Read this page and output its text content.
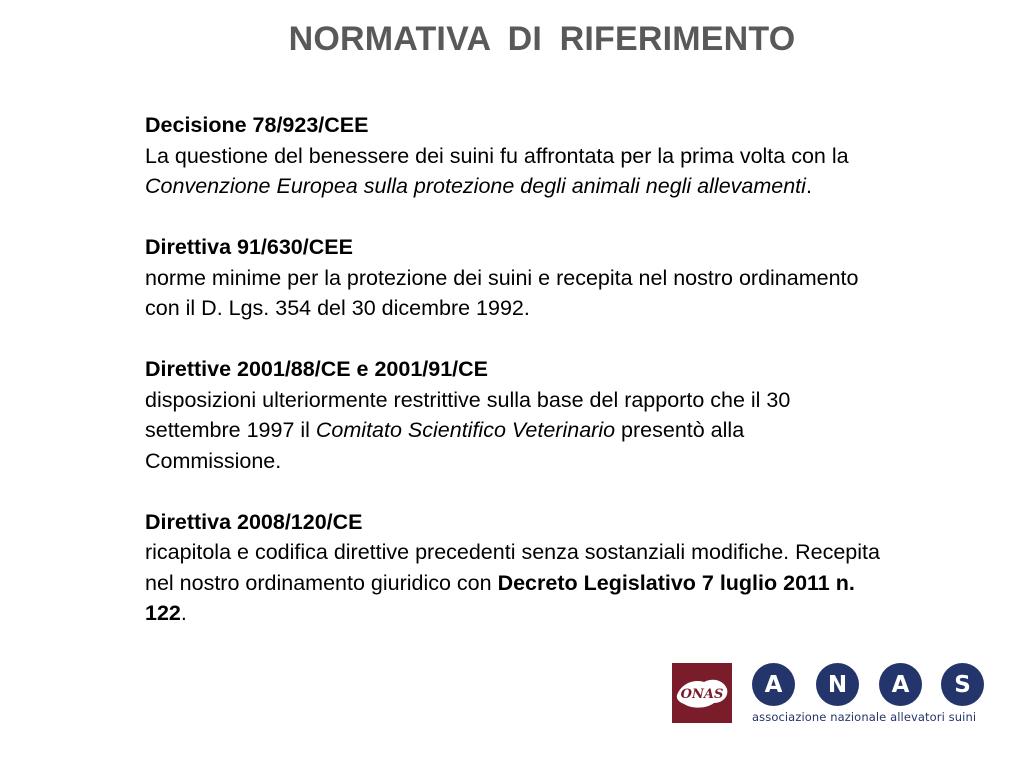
NORMATIVA DI RIFERIMENTO

Decisione 78/923/CEE

La questione del benessere dei suini fu affrontata per la prima volta con la Convenzione Europea sulla protezione degli animali negli allevamenti.

Direttiva 91/630/CEE

norme minime per la protezione dei suini e recepita nel nostro ordinamento con il D. Lgs. 354 del 30 dicembre 1992.

Direttive 2001/88/CE e 2001/91/CE

disposizioni ulteriormente restrittive sulla base del rapporto che il 30 settembre 1997 il Comitato Scientifico Veterinario presentò alla Commissione.

Direttiva 2008/120/CE

ricapitola e codifica direttive precedenti senza sostanziali modifiche. Recepita nel nostro ordinamento giuridico con Decreto Legislativo 7 luglio 2011 n. 122.

ONAS	A	N	A	S
associazione nazionale allevatori suini
